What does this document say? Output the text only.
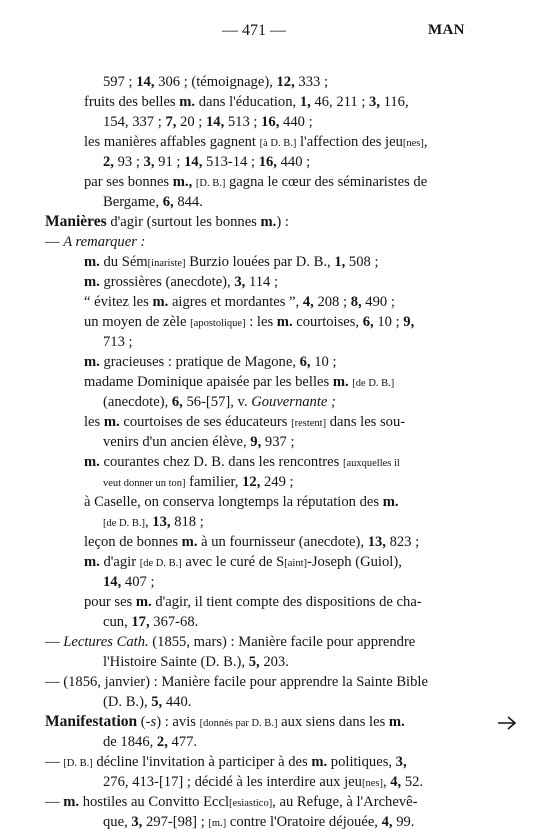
— 471 —	MAN
597 ; 14, 306 ; (témoignage), 12, 333 ;
fruits des belles m. dans l'éducation, 1, 46, 211 ; 3, 116,
154, 337 ; 7, 20 ; 14, 513 ; 16, 440 ;
les manières affables gagnent [à D. B.] l'affection des jeu[nes],
2, 93 ; 3, 91 ; 14, 513-14 ; 16, 440 ;
par ses bonnes m., [D. B.] gagna le cœur des séminaristes de
Bergame, 6, 844.
Manières d'agir (surtout les bonnes m.) :
— A remarquer :
m. du Sém[inariste] Burzio louées par D. B., 1, 508 ;
m. grossières (anecdote), 3, 114 ;
“ évitez les m. aigres et mordantes ”, 4, 208 ; 8, 490 ;
un moyen de zèle [apostolique] : les m. courtoises, 6, 10 ; 9,
713 ;
m. gracieuses : pratique de Magone, 6, 10 ;
madame Dominique apaisée par les belles m. [de D. B.]
(anecdote), 6, 56-[57], v. Gouvernante ;
les m. courtoises de ses éducateurs [restent] dans les sou-
venirs d'un ancien élève, 9, 937 ;
m. courantes chez D. B. dans les rencontres [auxquelles il
veut donner un ton] familier, 12, 249 ;
à Caselle, on conserva longtemps la réputation des m.
[de D. B.], 13, 818 ;
leçon de bonnes m. à un fournisseur (anecdote), 13, 823 ;
m. d'agir [de D. B.] avec le curé de S[aint]-Joseph (Guiol),
14, 407 ;
pour ses m. d'agir, il tient compte des dispositions de cha-
cun, 17, 367-68.
— Lectures Cath. (1855, mars) : Manière facile pour apprendre
l'Histoire Sainte (D. B.), 5, 203.
— (1856, janvier) : Manière facile pour apprendre la Sainte Bible
(D. B.), 5, 440.
Manifestation (-s) : avis [donnés par D. B.] aux siens dans les m.
de 1846, 2, 477.
— [D. B.] décline l'invitation à participer à des m. politiques, 3,
276, 413-[17] ; décidé à les interdire aux jeu[nes], 4, 52.
— m. hostiles au Convitto Eccl[esiastico], au Refuge, à l'Archevê-
que, 3, 297-[98] ; [m.] contre l'Oratoire déjouée, 4, 99.
